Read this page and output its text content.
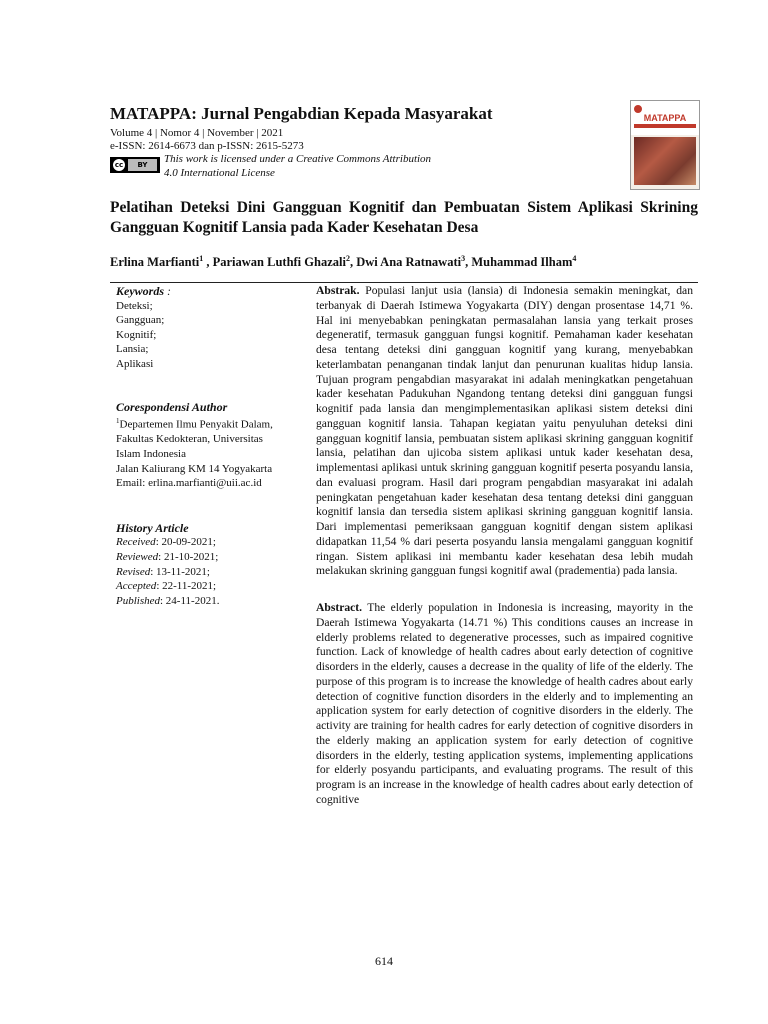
MATAPPA: Jurnal Pengabdian Kepada Masyarakat
Volume 4 | Nomor 4 | November | 2021
e-ISSN: 2614-6673 dan p-ISSN: 2615-5273
cc	BY	This work is licensed under a Creative Commons Attribution
4.0 International License
MATAPPA
Pelatihan Deteksi Dini Gangguan Kognitif dan Pembuatan Sistem Aplikasi Skrining Gangguan Kognitif Lansia pada Kader Kesehatan Desa
Erlina Marfianti$^1$ , Pariawan Luthfi Ghazali$^2$, Dwi Ana Ratnawati$^3$, Muhammad Ilham$^4$
Keywords :
Deteksi;
Gangguan;
Kognitif;
Lansia;
Aplikasi
Corespondensi Author
$^1$Departemen Ilmu Penyakit Dalam,
Fakultas Kedokteran, Universitas
Islam Indonesia
Jalan Kaliurang KM 14 Yogyakarta
Email: erlina.marfianti@uii.ac.id
History Article
Received: 20-09-2021;
Reviewed: 21-10-2021;
Revised: 13-11-2021;
Accepted: 22-11-2021;
Published: 24-11-2021.

Abstrak. Populasi lanjut usia (lansia) di Indonesia semakin meningkat, dan terbanyak di Daerah Istimewa Yogyakarta (DIY) dengan prosentase 14,71 %. Hal ini menyebabkan peningkatan permasalahan lansia yang terkait proses degeneratif, termasuk gangguan fungsi kognitif. Pemahaman kader kesehatan desa tentang deteksi dini gangguan kognitif yang kurang, menyebabkan keterlambatan penanganan tindak lanjut dan penurunan kualitas hidup lansia. Tujuan program pengabdian masyarakat ini adalah meningkatkan pengetahuan kader kesehatan Padukuhan Ngandong tentang deteksi dini gangguan fungsi kognitif pada lansia dan mengimplementasikan aplikasi sistem deteksi dini gangguan kognitif lansia. Tahapan kegiatan yaitu penyuluhan deteksi dini gangguan kognitif lansia, pembuatan sistem aplikasi skrining gangguan kognitif lansia, pelatihan dan ujicoba sistem aplikasi untuk kader kesehatan desa, implementasi aplikasi untuk skrining gangguan kognitif peserta posyandu lansia, dan evaluasi program. Hasil dari program pengabdian masyarakat ini adalah peningkatan pengetahuan kader kesehatan desa tentang deteksi dini gangguan kognitif lansia dan tersedia sistem aplikasi skrining gangguan kognitif lansia. Dari implementasi pemeriksaan gangguan kognitif dengan sistem aplikasi didapatkan 11,54 % dari peserta posyandu lansia mengalami gangguan kognitif ringan. Sistem aplikasi ini membantu kader kesehatan desa lebih mudah melakukan skrining gangguan fungsi kognitif awal (pradementia) pada lansia.

Abstract. The elderly population in Indonesia is increasing, mayority in the Daerah Istimewa Yogyakarta (14.71 %) This conditions causes an increase in elderly problems related to degenerative processes, such as impaired cognitive function. Lack of knowledge of health cadres about early detection of cognitive disorders in the elderly, causes a decrease in the quality of life of the elderly. The purpose of this program is to increase the knowledge of health cadres about early detection of cognitive function disorders in the elderly and to implementing an application system for early detection of cognitive disorders in the elderly. The activity are training for health cadres for early detection of cognitive disorders in the elderly making an application system for early detection of cognitive disorders in the elderly, testing application systems, implementing applications for elderly posyandu participants, and evaluating programs. The result of this program is an increase in the knowledge of health cadres about early detection of cognitive

614
